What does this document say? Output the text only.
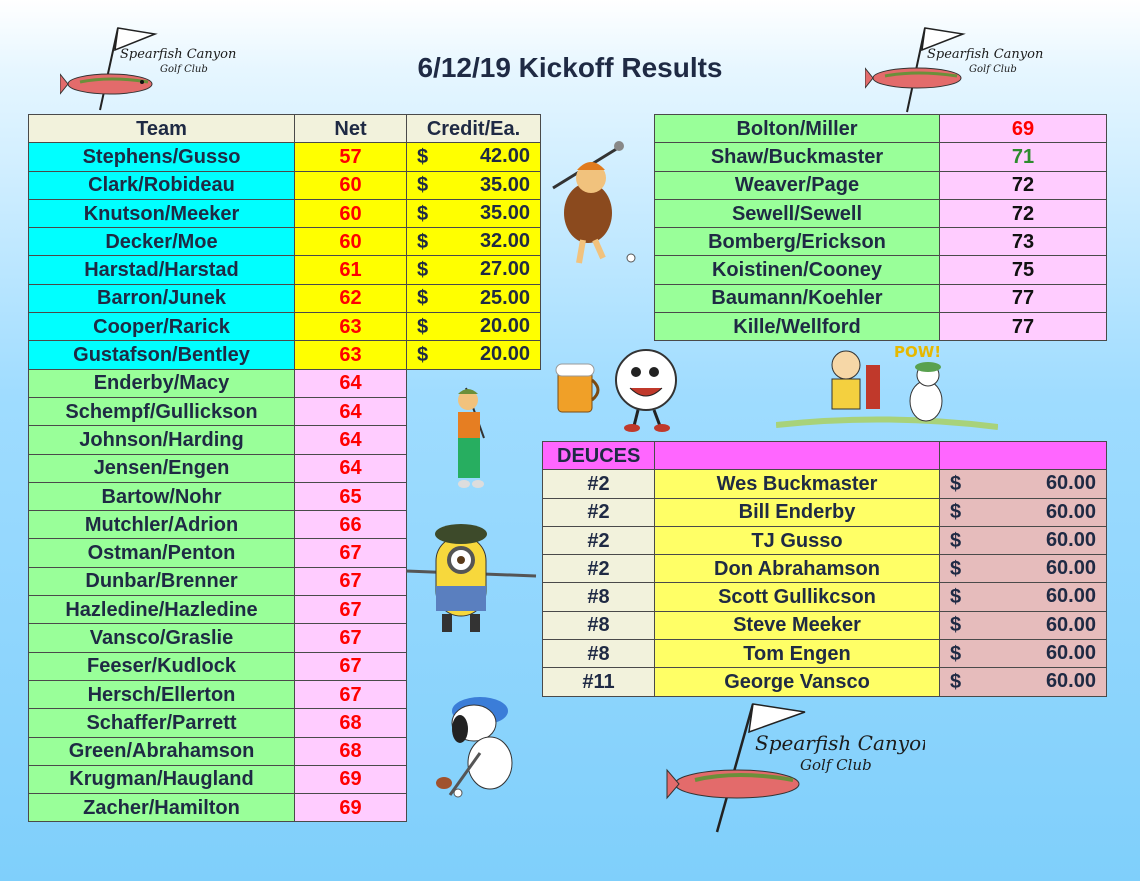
6/12/19 Kickoff Results
Spearfish Canyon
Golf Club
Spearfish Canyon
Golf Club
Spearfish Canyon
Golf Club
Team	Net	Credit/Ea.
Stephens/Gusso	57	$ 42.00

Clark/Robideau	60	$ 35.00

Knutson/Meeker	60	$ 35.00

Decker/Moe	60	$ 32.00

Harstad/Harstad	61	$ 27.00

Barron/Junek	62	$ 25.00

Cooper/Rarick	63	$ 20.00

Gustafson/Bentley	63	$ 20.00

Enderby/Macy	64	
Schempf/Gullickson	64	
Johnson/Harding	64	
Jensen/Engen	64	
Bartow/Nohr	65	
Mutchler/Adrion	66	
Ostman/Penton	67	
Dunbar/Brenner	67	
Hazledine/Hazledine	67	
Vansco/Graslie	67	
Feeser/Kudlock	67	
Hersch/Ellerton	67	
Schaffer/Parrett	68	
Green/Abrahamson	68	
Krugman/Haugland	69	
Zacher/Hamilton	69	
Bolton/Miller	69
Shaw/Buckmaster	71
Weaver/Page	72
Sewell/Sewell	72
Bomberg/Erickson	73
Koistinen/Cooney	75
Baumann/Koehler	77
Kille/Wellford	77
DEUCES		
#2	Wes Buckmaster	$ 60.00

#2	Bill Enderby	$ 60.00

#2	TJ Gusso	$ 60.00

#2	Don Abrahamson	$ 60.00

#8	Scott Gullikcson	$ 60.00

#8	Steve Meeker	$ 60.00

#8	Tom Engen	$ 60.00

#11	George Vansco	$ 60.00
POW!
